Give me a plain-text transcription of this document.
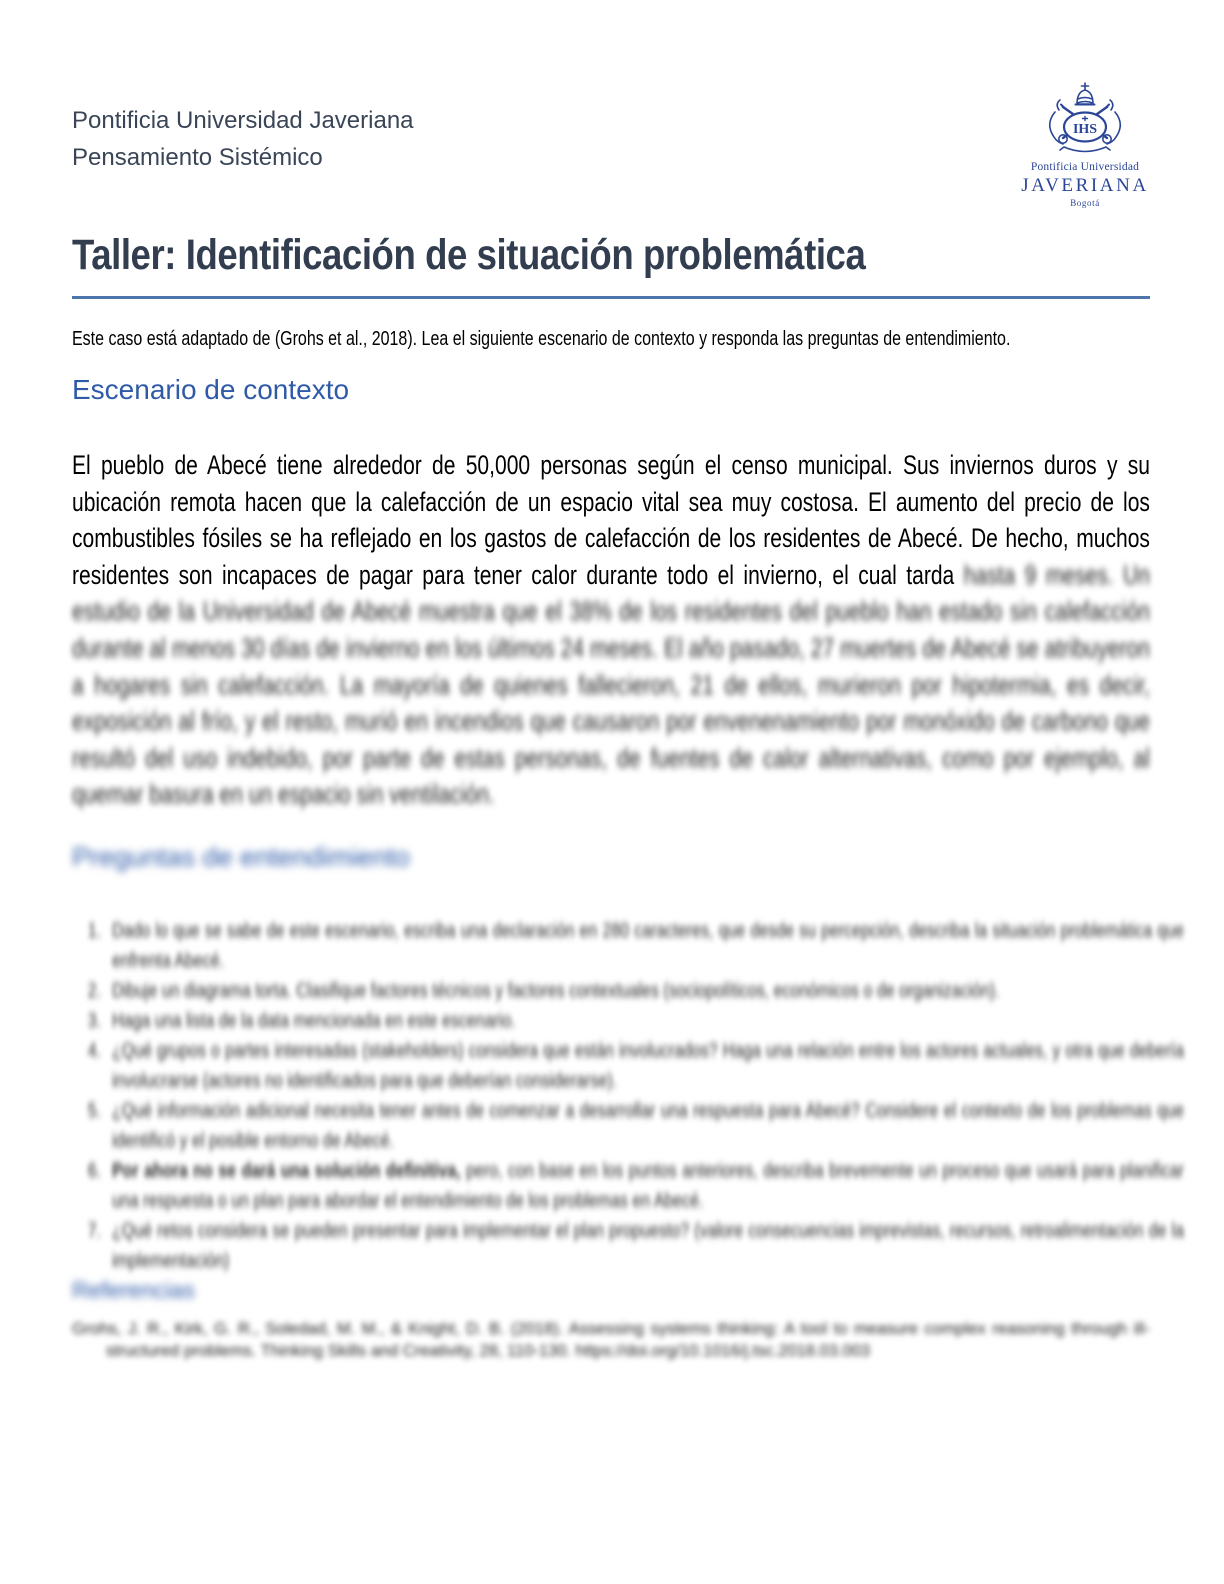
Pontificia Universidad Javeriana
Pensamiento Sistémico
IHS
Pontificia Universidad
JAVERIANA
Bogotá
Taller: Identificación de situación problemática

Este caso está adaptado de (Grohs et al., 2018). Lea el siguiente escenario de contexto y responda las preguntas de entendimiento.

Escenario de contexto

El pueblo de Abecé tiene alrededor de 50,000 personas según el censo municipal. Sus inviernos duros y su ubicación remota hacen que la calefacción de un espacio vital sea muy costosa. El aumento del precio de los combustibles fósiles se ha reflejado en los gastos de calefacción de los residentes de Abecé. De hecho, muchos residentes son incapaces de pagar para tener calor durante todo el invierno, el cual tarda hasta 9 meses. Un estudio de la Universidad de Abecé muestra que el 38% de los residentes del pueblo han estado sin calefacción durante al menos 30 días de invierno en los últimos 24 meses. El año pasado, 27 muertes de Abecé se atribuyeron a hogares sin calefacción. La mayoría de quienes fallecieron, 21 de ellos, murieron por hipotermia, es decir, exposición al frío, y el resto, murió en incendios que causaron por envenenamiento por monóxido de carbono que resultó del uso indebido, por parte de estas personas, de fuentes de calor alternativas, como por ejemplo, al quemar basura en un espacio sin ventilación.

Preguntas de entendimiento
1. Dado lo que se sabe de este escenario, escriba una declaración en 280 caracteres, que desde su percepción, describa la situación problemática que enfrenta Abecé.
2. Dibuje un diagrama torta. Clasifique factores técnicos y factores contextuales (sociopolíticos, económicos o de organización).
3. Haga una lista de la data mencionada en este escenario.
4. ¿Qué grupos o partes interesadas (stakeholders) considera que están involucrados? Haga una relación entre los actores actuales, y otra que debería involucrarse (actores no identificados para que deberían considerarse).
5. ¿Qué información adicional necesita tener antes de comenzar a desarrollar una respuesta para Abecé? Considere el contexto de los problemas que identificó y el posible entorno de Abecé.
6. Por ahora no se dará una solución definitiva, pero, con base en los puntos anteriores, describa brevemente un proceso que usará para planificar una respuesta o un plan para abordar el entendimiento de los problemas en Abecé.
7. ¿Qué retos considera se pueden presentar para implementar el plan propuesto? (valore consecuencias imprevistas, recursos, retroalimentación de la implementación)
Referencias

Grohs, J. R., Kirk, G. R., Soledad, M. M., & Knight, D. B. (2018). Assessing systems thinking: A tool to measure complex reasoning through ill-structured problems. Thinking Skills and Creativity, 28, 110-130. https://doi.org/10.1016/j.tsc.2018.03.003
